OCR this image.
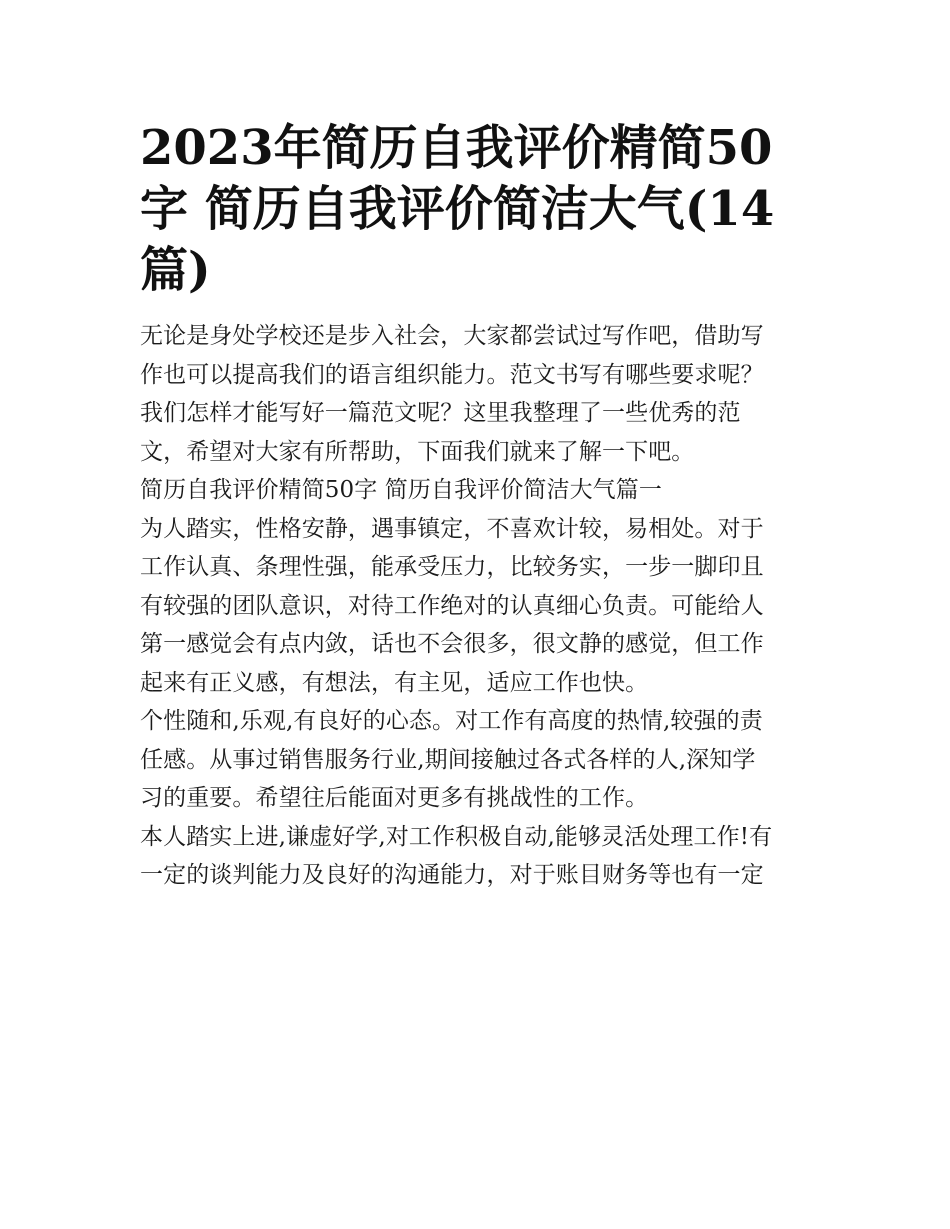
2023年简历自我评价精简50
字 简历自我评价简洁大气(14
篇)

无论是身处学校还是步入社会，大家都尝试过写作吧，借助写
作也可以提高我们的语言组织能力。范文书写有哪些要求呢？
我们怎样才能写好一篇范文呢？这里我整理了一些优秀的范
文，希望对大家有所帮助，下面我们就来了解一下吧。

简历自我评价精简50字 简历自我评价简洁大气篇一

为人踏实，性格安静，遇事镇定，不喜欢计较，易相处。对于
工作认真、条理性强，能承受压力，比较务实，一步一脚印且
有较强的团队意识，对待工作绝对的认真细心负责。可能给人
第一感觉会有点内敛，话也不会很多，很文静的感觉，但工作
起来有正义感，有想法，有主见，适应工作也快。

个性随和,乐观,有良好的心态。对工作有高度的热情,较强的责
任感。从事过销售服务行业,期间接触过各式各样的人,深知学
习的重要。希望往后能面对更多有挑战性的工作。

本人踏实上进,谦虚好学,对工作积极自动,能够灵活处理工作!有
一定的谈判能力及良好的沟通能力，对于账目财务等也有一定
